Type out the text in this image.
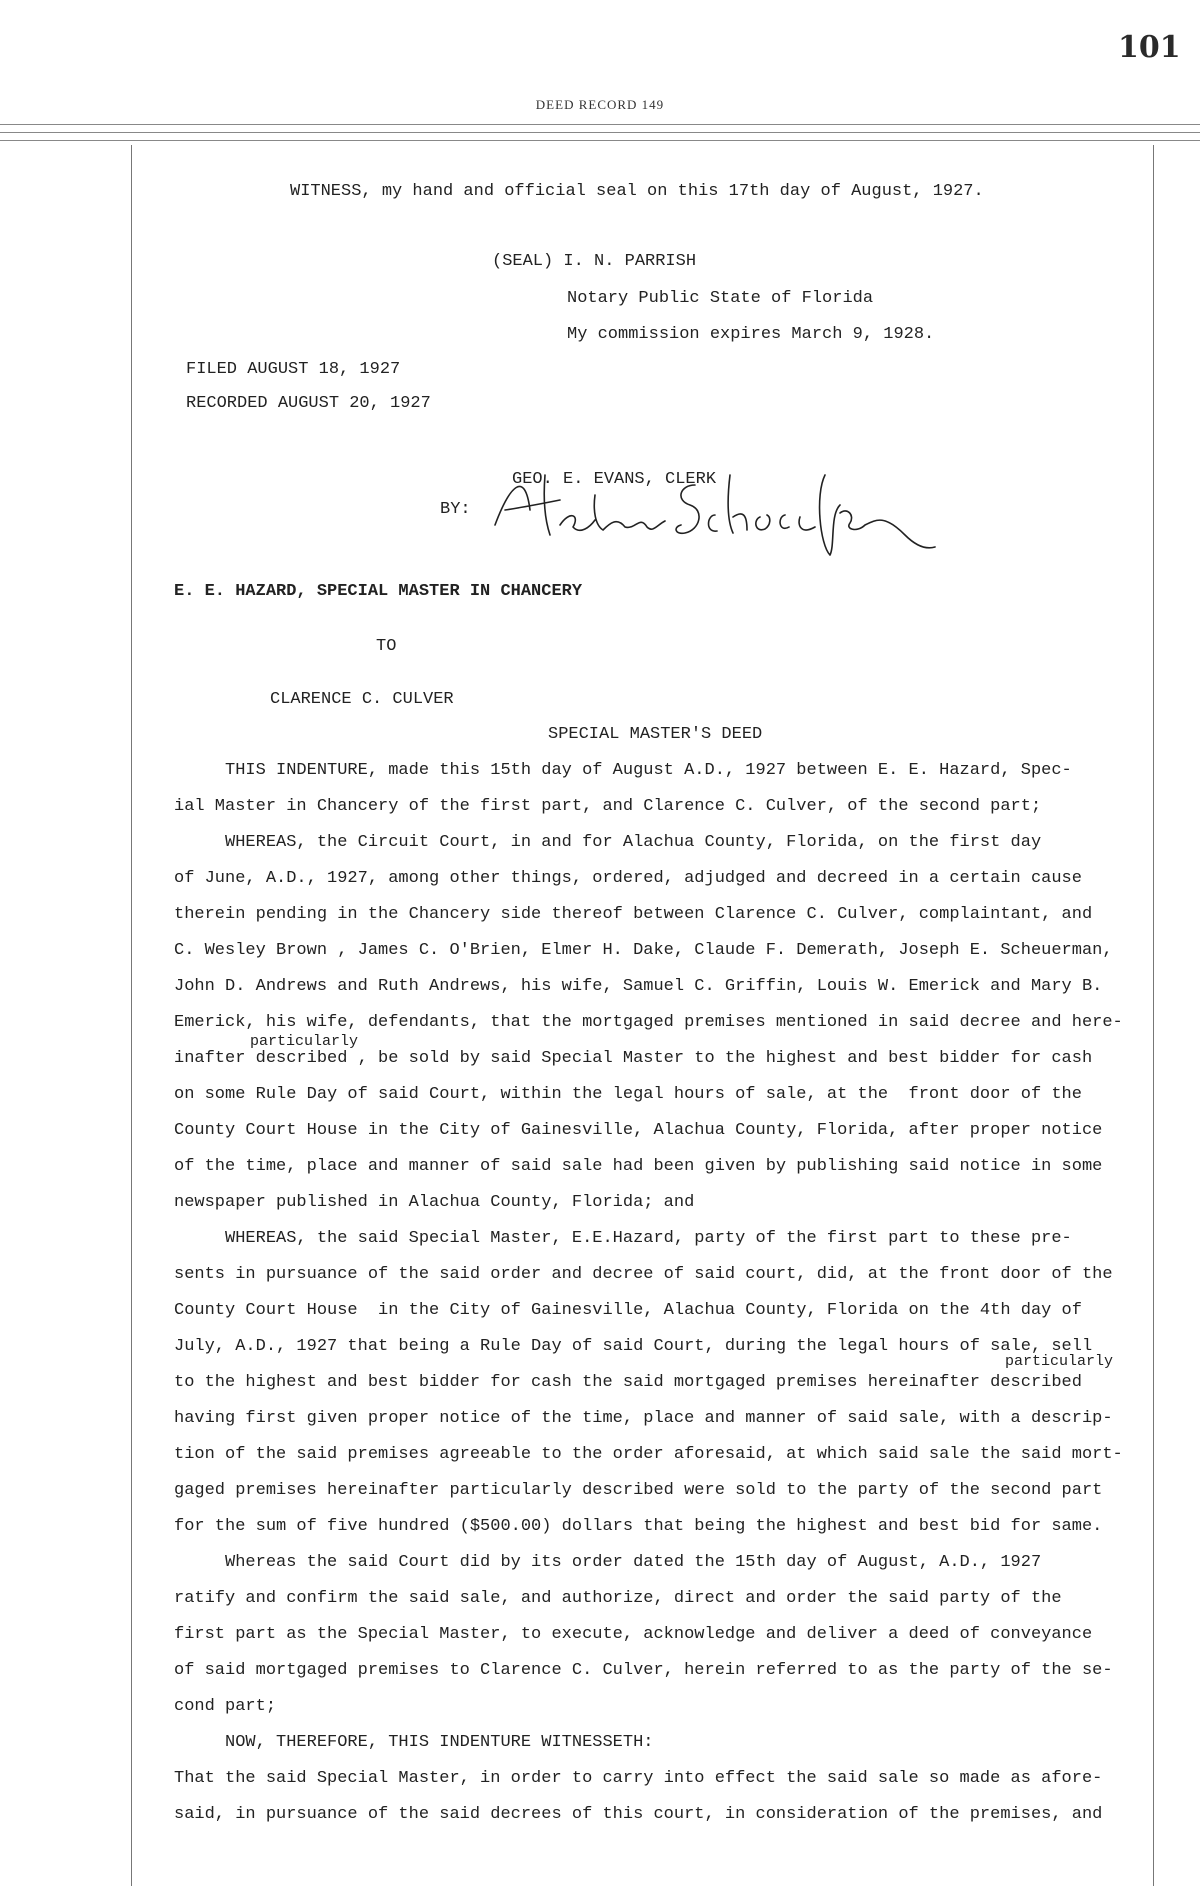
101
DEED RECORD 149
WITNESS, my hand and official seal on this 17th day of August, 1927.
(SEAL) I. N. PARRISH
Notary Public State of Florida
My commission expires March 9, 1928.
FILED AUGUST 18, 1927
RECORDED AUGUST 20, 1927
GEO. E. EVANS, CLERK
BY:
E. E. HAZARD, SPECIAL MASTER IN CHANCERY
TO
CLARENCE C. CULVER
SPECIAL MASTER'S DEED
particularly
particularly
THIS INDENTURE, made this 15th day of August A.D., 1927 between E. E. Hazard, Spec-
ial Master in Chancery of the first part, and Clarence C. Culver, of the second part;
WHEREAS, the Circuit Court, in and for Alachua County, Florida, on the first day
of June, A.D., 1927, among other things, ordered, adjudged and decreed in a certain cause
therein pending in the Chancery side thereof between Clarence C. Culver, complaintant, and
C. Wesley Brown , James C. O'Brien, Elmer H. Dake, Claude F. Demerath, Joseph E. Scheuerman,
John D. Andrews and Ruth Andrews, his wife, Samuel C. Griffin, Louis W. Emerick and Mary B.
Emerick, his wife, defendants, that the mortgaged premises mentioned in said decree and here-
inafter described , be sold by said Special Master to the highest and best bidder for cash
on some Rule Day of said Court, within the legal hours of sale, at the  front door of the
County Court House in the City of Gainesville, Alachua County, Florida, after proper notice
of the time, place and manner of said sale had been given by publishing said notice in some
newspaper published in Alachua County, Florida; and
WHEREAS, the said Special Master, E.E.Hazard, party of the first part to these pre-
sents in pursuance of the said order and decree of said court, did, at the front door of the
County Court House  in the City of Gainesville, Alachua County, Florida on the 4th day of
July, A.D., 1927 that being a Rule Day of said Court, during the legal hours of sale, sell
to the highest and best bidder for cash the said mortgaged premises hereinafter described
having first given proper notice of the time, place and manner of said sale, with a descrip-
tion of the said premises agreeable to the order aforesaid, at which said sale the said mort-
gaged premises hereinafter particularly described were sold to the party of the second part
for the sum of five hundred ($500.00) dollars that being the highest and best bid for same.
Whereas the said Court did by its order dated the 15th day of August, A.D., 1927
ratify and confirm the said sale, and authorize, direct and order the said party of the
first part as the Special Master, to execute, acknowledge and deliver a deed of conveyance
of said mortgaged premises to Clarence C. Culver, herein referred to as the party of the se-
cond part;
NOW, THEREFORE, THIS INDENTURE WITNESSETH:
That the said Special Master, in order to carry into effect the said sale so made as afore-
said, in pursuance of the said decrees of this court, in consideration of the premises, and
